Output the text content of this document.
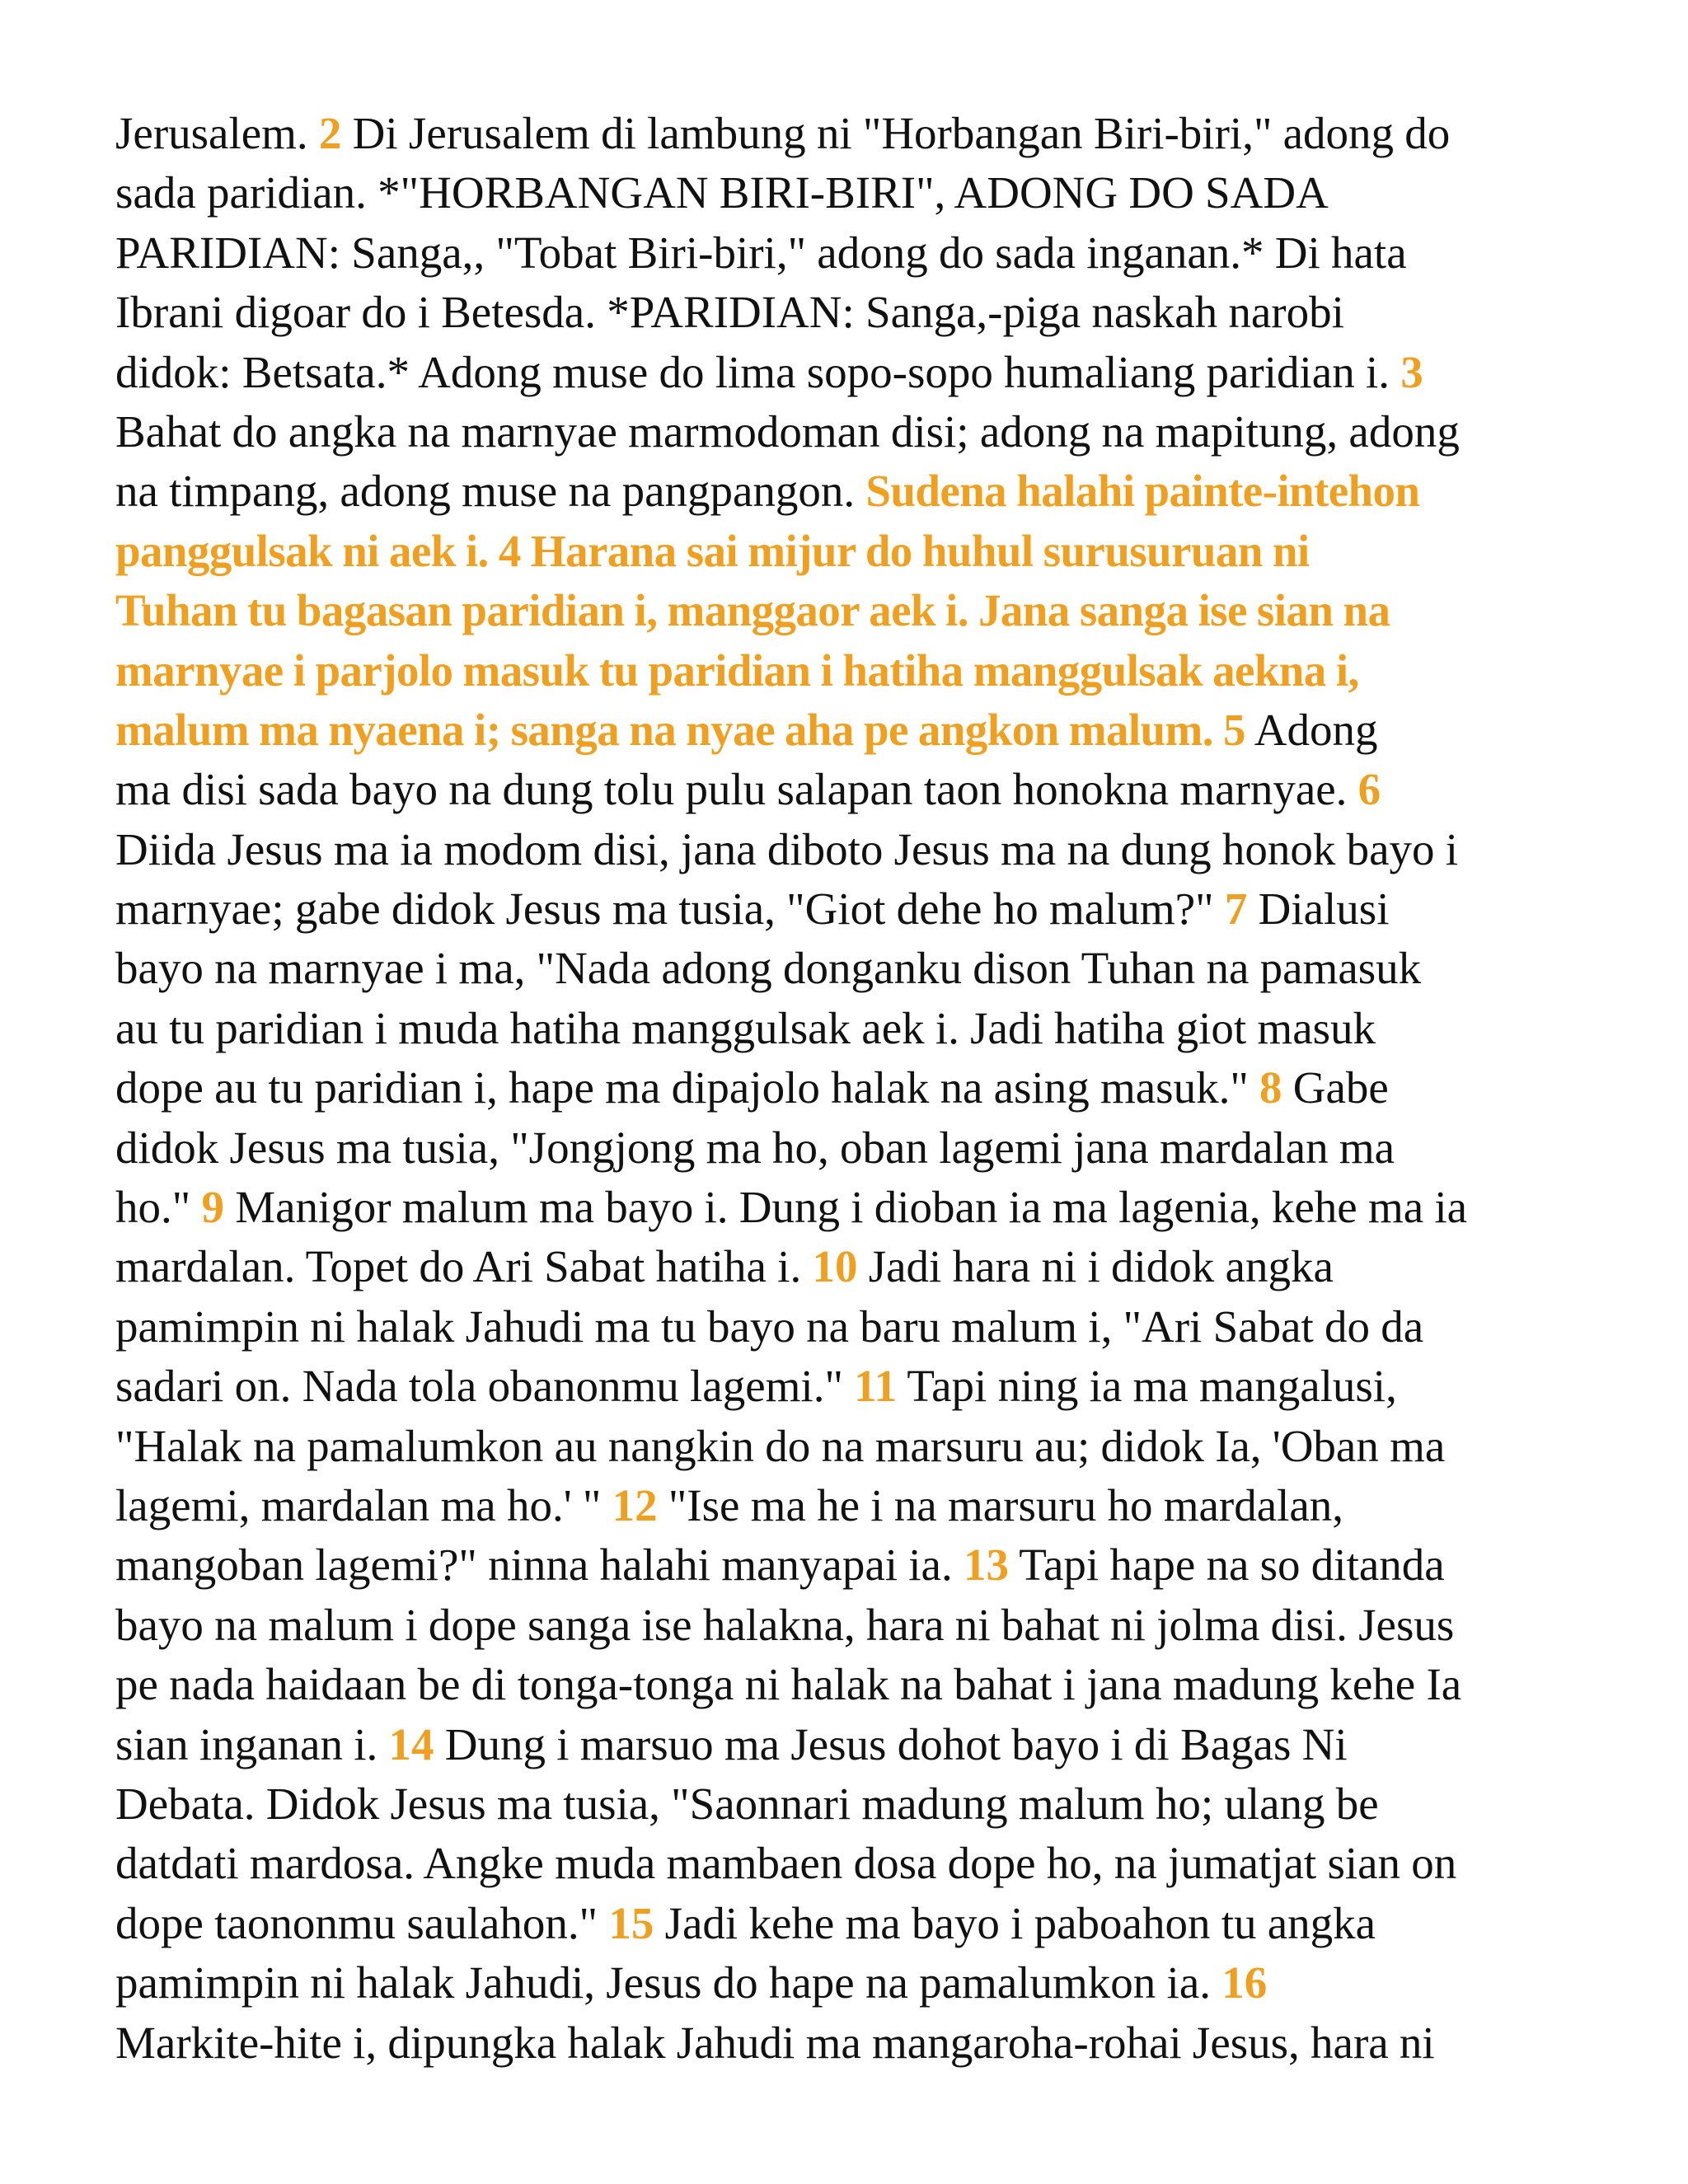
Jerusalem. 2 Di Jerusalem di lambung ni "Horbangan Biri-biri," adong do
sada paridian. *"HORBANGAN BIRI-BIRI", ADONG DO SADA
PARIDIAN: Sanga,, "Tobat Biri-biri," adong do sada inganan.* Di hata
Ibrani digoar do i Betesda. *PARIDIAN: Sanga,-piga naskah narobi
didok: Betsata.* Adong muse do lima sopo-sopo humaliang paridian i. 3
Bahat do angka na marnyae marmodoman disi; adong na mapitung, adong
na timpang, adong muse na pangpangon. Sudena halahi painte-intehon
panggulsak ni aek i. 4 Harana sai mijur do huhul surusuruan ni
Tuhan tu bagasan paridian i, manggaor aek i. Jana sanga ise sian na
marnyae i parjolo masuk tu paridian i hatiha manggulsak aekna i,
malum ma nyaena i; sanga na nyae aha pe angkon malum. 5 Adong
ma disi sada bayo na dung tolu pulu salapan taon honokna marnyae. 6
Diida Jesus ma ia modom disi, jana diboto Jesus ma na dung honok bayo i
marnyae; gabe didok Jesus ma tusia, "Giot dehe ho malum?" 7 Dialusi
bayo na marnyae i ma, "Nada adong donganku dison Tuhan na pamasuk
au tu paridian i muda hatiha manggulsak aek i. Jadi hatiha giot masuk
dope au tu paridian i, hape ma dipajolo halak na asing masuk." 8 Gabe
didok Jesus ma tusia, "Jongjong ma ho, oban lagemi jana mardalan ma
ho." 9 Manigor malum ma bayo i. Dung i dioban ia ma lagenia, kehe ma ia
mardalan. Topet do Ari Sabat hatiha i. 10 Jadi hara ni i didok angka
pamimpin ni halak Jahudi ma tu bayo na baru malum i, "Ari Sabat do da
sadari on. Nada tola obanonmu lagemi." 11 Tapi ning ia ma mangalusi,
"Halak na pamalumkon au nangkin do na marsuru au; didok Ia, 'Oban ma
lagemi, mardalan ma ho.' " 12 "Ise ma he i na marsuru ho mardalan,
mangoban lagemi?" ninna halahi manyapai ia. 13 Tapi hape na so ditanda
bayo na malum i dope sanga ise halakna, hara ni bahat ni jolma disi. Jesus
pe nada haidaan be di tonga-tonga ni halak na bahat i jana madung kehe Ia
sian inganan i. 14 Dung i marsuo ma Jesus dohot bayo i di Bagas Ni
Debata. Didok Jesus ma tusia, "Saonnari madung malum ho; ulang be
datdati mardosa. Angke muda mambaen dosa dope ho, na jumatjat sian on
dope taononmu saulahon." 15 Jadi kehe ma bayo i paboahon tu angka
pamimpin ni halak Jahudi, Jesus do hape na pamalumkon ia. 16
Markite-hite i, dipungka halak Jahudi ma mangaroha-rohai Jesus, hara ni
